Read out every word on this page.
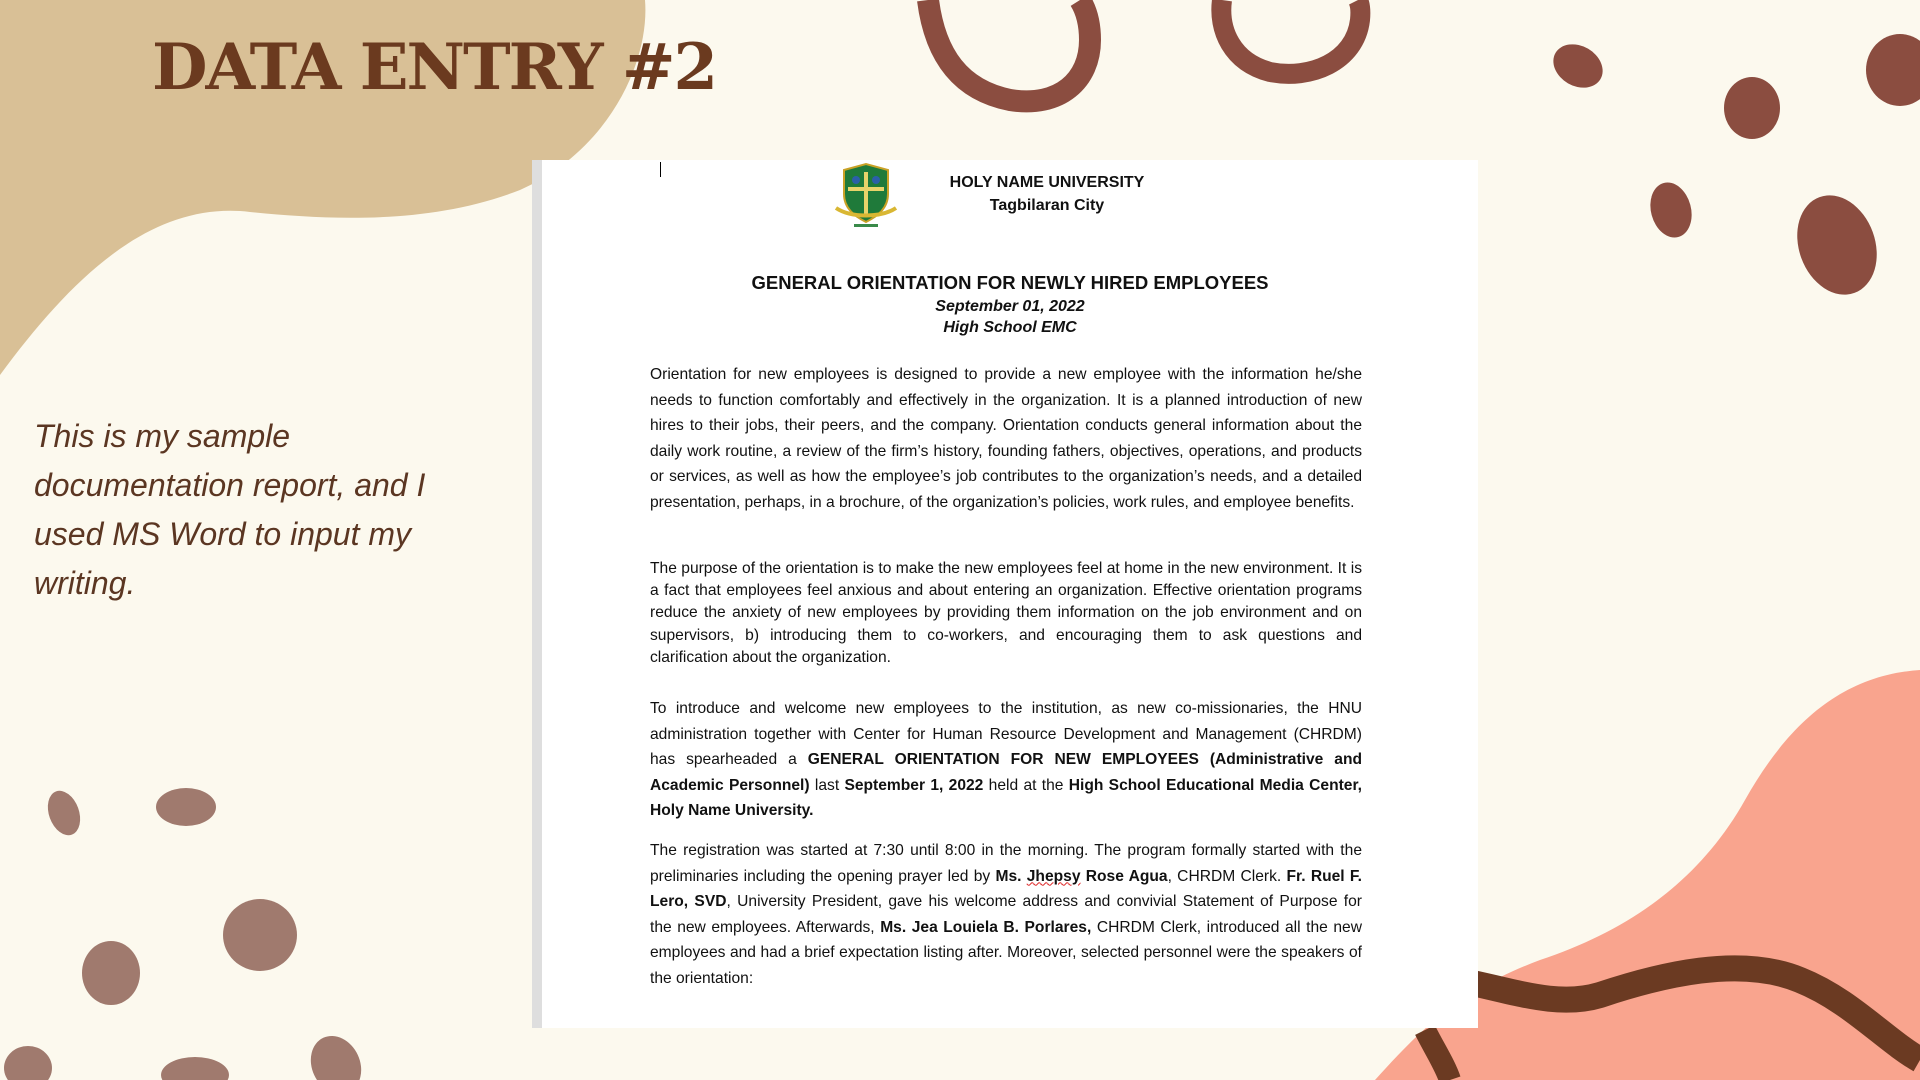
DATA ENTRY #2

This is my sample documentation report, and I used MS Word to input my writing.

HOLY NAME UNIVERSITY
Tagbilaran City
GENERAL ORIENTATION FOR NEWLY HIRED EMPLOYEES
September 01, 2022
High School EMC

Orientation for new employees is designed to provide a new employee with the information he/she needs to function comfortably and effectively in the organization. It is a planned introduction of new hires to their jobs, their peers, and the company. Orientation conducts general information about the daily work routine, a review of the firm’s history, founding fathers, objectives, operations, and products or services, as well as how the employee’s job contributes to the organization’s needs, and a detailed presentation, perhaps, in a brochure, of the organization’s policies, work rules, and employee benefits.

The purpose of the orientation is to make the new employees feel at home in the new environment. It is a fact that employees feel anxious and about entering an organization. Effective orientation programs reduce the anxiety of new employees by providing them information on the job environment and on supervisors, b) introducing them to co-workers, and encouraging them to ask questions and clarification about the organization.

To introduce and welcome new employees to the institution, as new co-missionaries, the HNU administration together with Center for Human Resource Development and Management (CHRDM) has spearheaded a GENERAL ORIENTATION FOR NEW EMPLOYEES (Administrative and Academic Personnel) last September 1, 2022 held at the High School Educational Media Center, Holy Name University.

The registration was started at 7:30 until 8:00 in the morning. The program formally started with the preliminaries including the opening prayer led by Ms. Jhepsy Rose Agua, CHRDM Clerk. Fr. Ruel F. Lero, SVD, University President, gave his welcome address and convivial Statement of Purpose for the new employees. Afterwards, Ms. Jea Louiela B. Porlares, CHRDM Clerk, introduced all the new employees and had a brief expectation listing after. Moreover, selected personnel were the speakers of the orientation:
